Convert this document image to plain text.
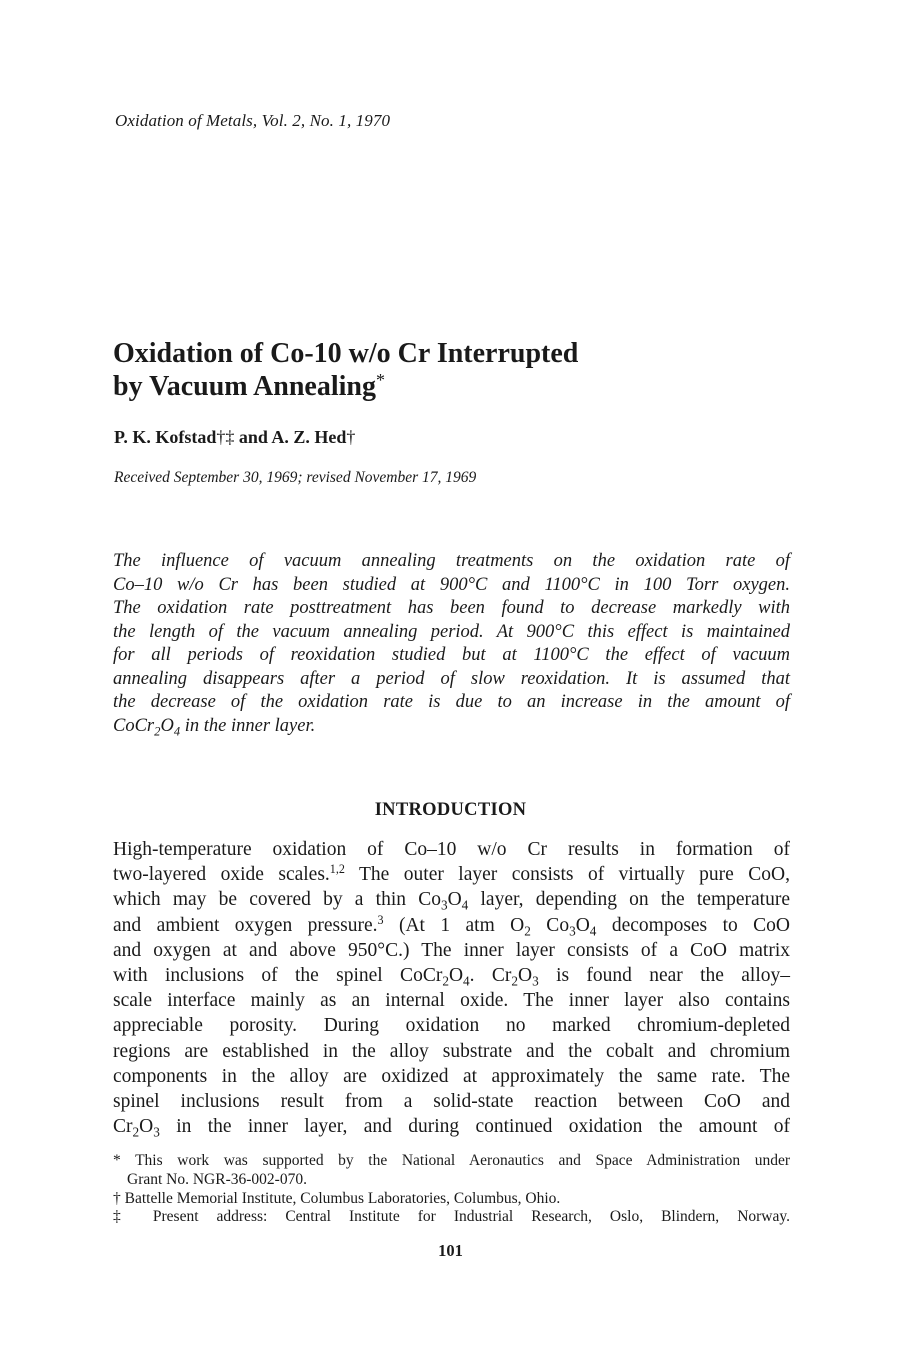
Oxidation of Metals, Vol. 2, No. 1, 1970
Oxidation of Co-10 w/o Cr Interrupted
by Vacuum Annealing*
P. K. Kofstad†‡ and A. Z. Hed†
Received September 30, 1969; revised November 17, 1969
The influence of vacuum annealing treatments on the oxidation rate of
Co–10 w/o Cr has been studied at 900°C and 1100°C in 100 Torr oxygen.
The oxidation rate posttreatment has been found to decrease markedly with
the length of the vacuum annealing period. At 900°C this effect is maintained
for all periods of reoxidation studied but at 1100°C the effect of vacuum
annealing disappears after a period of slow reoxidation. It is assumed that
the decrease of the oxidation rate is due to an increase in the amount of
$CoCr_2O_4$ in the inner layer.
INTRODUCTION
High-temperature oxidation of Co–10 w/o Cr results in formation of
two-layered oxide scales.$^{1,2}$ The outer layer consists of virtually pure CoO,
which may be covered by a thin $Co_3O_4$ layer, depending on the temperature
and ambient oxygen pressure.$^3$ (At 1 atm $O_2$ $Co_3O_4$ decomposes to CoO
and oxygen at and above 950°C.) The inner layer consists of a CoO matrix
with inclusions of the spinel $CoCr_2O_4$. $Cr_2O_3$ is found near the alloy–
scale interface mainly as an internal oxide. The inner layer also contains
appreciable porosity. During oxidation no marked chromium-depleted
regions are established in the alloy substrate and the cobalt and chromium
components in the alloy are oxidized at approximately the same rate. The
spinel inclusions result from a solid-state reaction between CoO and
$Cr_2O_3$ in the inner layer, and during continued oxidation the amount of
* This work was supported by the National Aeronautics and Space Administration under
Grant No. NGR-36-002-070.
† Battelle Memorial Institute, Columbus Laboratories, Columbus, Ohio.
‡ Present address: Central Institute for Industrial Research, Oslo, Blindern, Norway.
101
